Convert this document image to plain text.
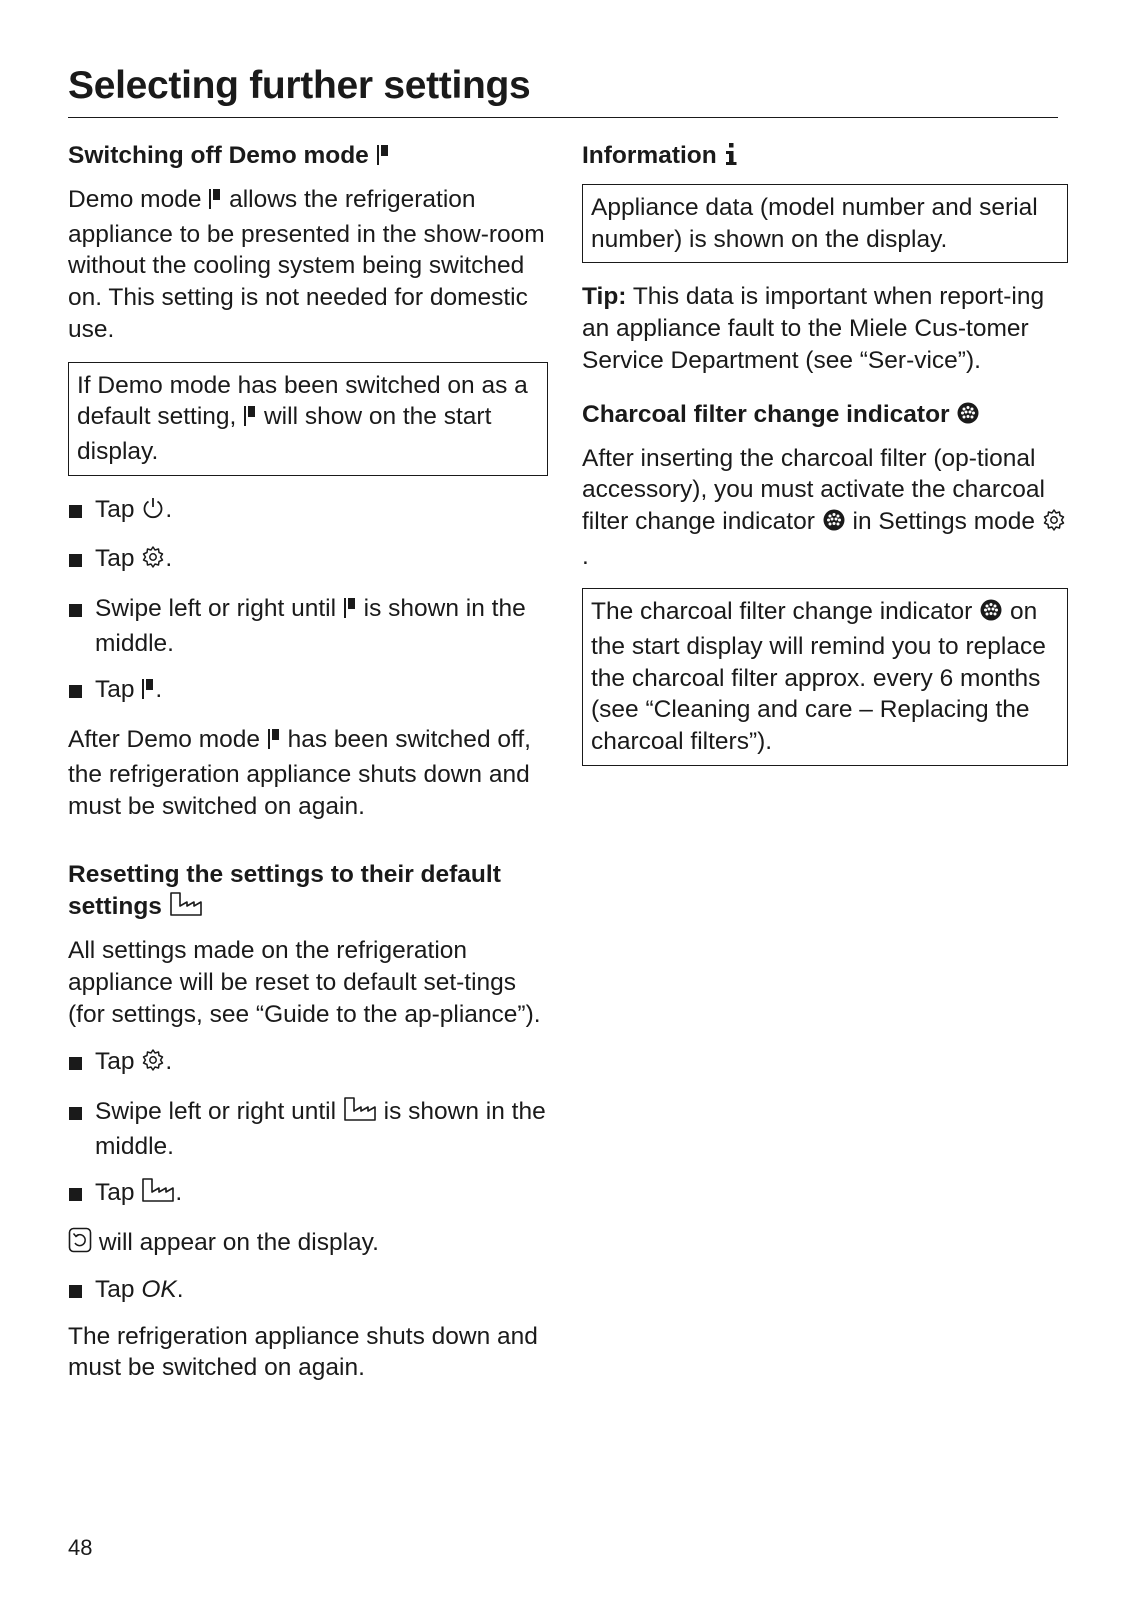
Selecting further settings
Switching off Demo mode

Demo mode allows the refrigeration appliance to be presented in the show-room without the cooling system being switched on. This setting is not needed for domestic use.

If Demo mode has been switched on as a default setting, will show on the start display.
Tap .
Tap .
Swipe left or right until is shown in the middle.
Tap .

After Demo mode has been switched off, the refrigeration appliance shuts down and must be switched on again.

Resetting the settings to their default settings

All settings made on the refrigeration appliance will be reset to default set-tings (for settings, see “Guide to the ap-pliance”).

Tap .
Swipe left or right until is shown in the middle.
Tap .

will appear on the display.

Tap OK.

The refrigeration appliance shuts down and must be switched on again.

Information
Appliance data (model number and serial number) is shown on the display.

Tip: This data is important when report-ing an appliance fault to the Miele Cus-tomer Service Department (see “Ser-vice”).

Charcoal filter change indicator

After inserting the charcoal filter (op-tional accessory), you must activate the charcoal filter change indicator in Settings mode .

The charcoal filter change indicator on the start display will remind you to replace the charcoal filter approx. every 6 months (see “Cleaning and care – Replacing the charcoal filters”).
48
